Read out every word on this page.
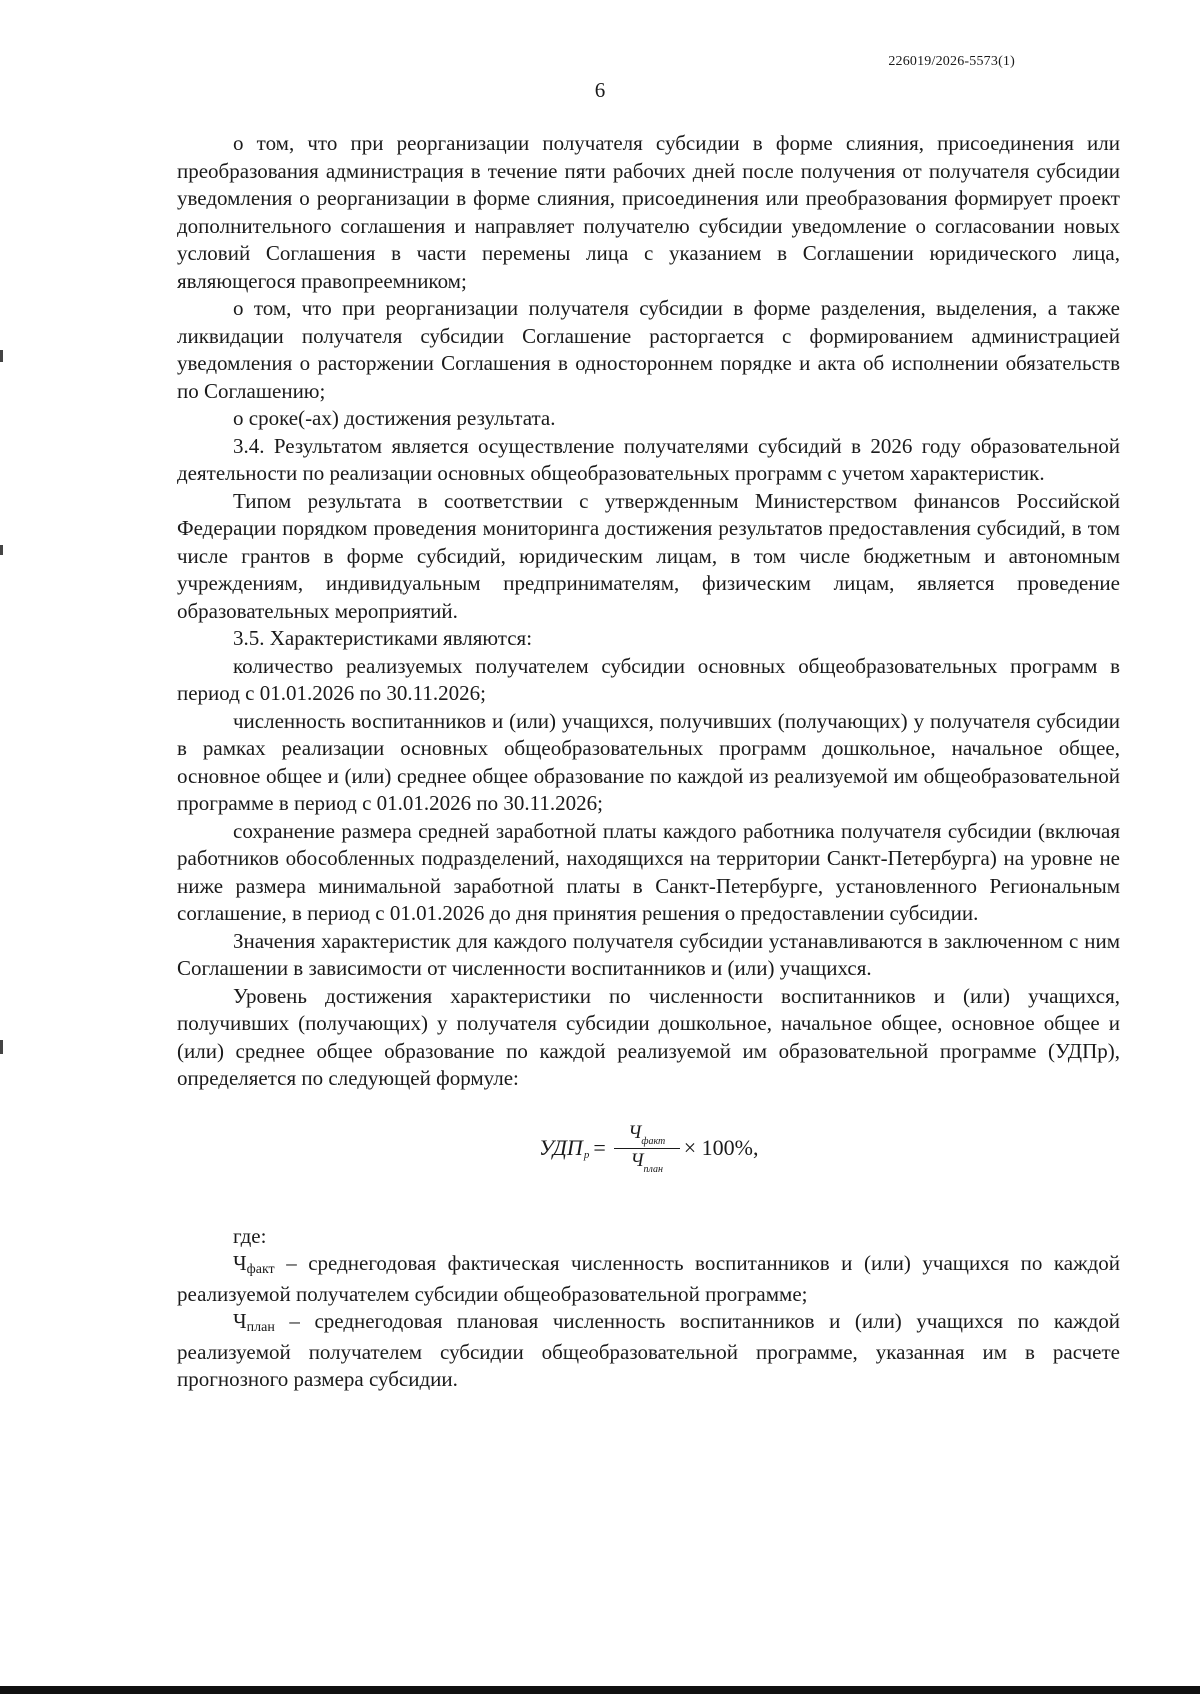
226019/2026-5573(1)
6

о том, что при реорганизации получателя субсидии в форме слияния, присоединения или преобразования администрация в течение пяти рабочих дней после получения от получателя субсидии уведомления о реорганизации в форме слияния, присоединения или преобразования формирует проект дополнительного соглашения и направляет получателю субсидии уведомление о согласовании новых условий Соглашения в части перемены лица с указанием в Соглашении юридического лица, являющегося правопреемником;

о том, что при реорганизации получателя субсидии в форме разделения, выделения, а также ликвидации получателя субсидии Соглашение расторгается с формированием администрацией уведомления о расторжении Соглашения в одностороннем порядке и акта об исполнении обязательств по Соглашению;

о сроке(-ах) достижения результата.

3.4. Результатом является осуществление получателями субсидий в 2026 году образовательной деятельности по реализации основных общеобразовательных программ с учетом характеристик.

Типом результата в соответствии с утвержденным Министерством финансов Российской Федерации порядком проведения мониторинга достижения результатов предоставления субсидий, в том числе грантов в форме субсидий, юридическим лицам, в том числе бюджетным и автономным учреждениям, индивидуальным предпринимателям, физическим лицам, является проведение образовательных мероприятий.

3.5. Характеристиками являются:

количество реализуемых получателем субсидии основных общеобразовательных программ в период с 01.01.2026 по 30.11.2026;

численность воспитанников и (или) учащихся, получивших (получающих) у получателя субсидии в рамках реализации основных общеобразовательных программ дошкольное, начальное общее, основное общее и (или) среднее общее образование по каждой из реализуемой им общеобразовательной программе в период с 01.01.2026 по 30.11.2026;

сохранение размера средней заработной платы каждого работника получателя субсидии (включая работников обособленных подразделений, находящихся на территории Санкт-Петербурга) на уровне не ниже размера минимальной заработной платы в Санкт-Петербурге, установленного Региональным соглашение, в период с 01.01.2026 до дня принятия решения о предоставлении субсидии.

Значения характеристик для каждого получателя субсидии устанавливаются в заключенном с ним Соглашении в зависимости от численности воспитанников и (или) учащихся.

Уровень достижения характеристики по численности воспитанников и (или) учащихся, получивших (получающих) у получателя субсидии дошкольное, начальное общее, основное общее и (или) среднее общее образование по каждой реализуемой им образовательной программе (УДПр), определяется по следующей формуле:

УДП $р = \frac{Ч_{факт}}{Ч_{план}} \times 100\%$,

где:

Чфакт – среднегодовая фактическая численность воспитанников и (или) учащихся по каждой реализуемой получателем субсидии общеобразовательной программе;

Чплан – среднегодовая плановая численность воспитанников и (или) учащихся по каждой реализуемой получателем субсидии общеобразовательной программе, указанная им в расчете прогнозного размера субсидии.
